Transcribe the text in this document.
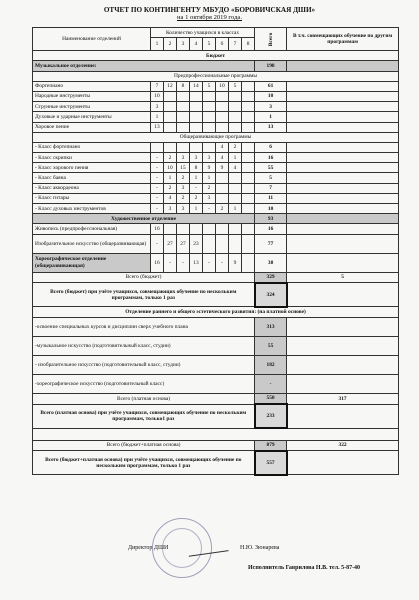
ОТЧЕТ ПО КОНТИНГЕНТУ МБУДО «БОРОВИЧСКАЯ ДШИ»
на 1 октября 2019 года.
Наименование отделений	Количество учащихся в классах								Всего	В т.ч. совмещающих обучение по другим программам
	1	2	3	4	5	6	7	8		
Бюджет										
Музыкальное отделение:									198	
Предпрофессиональные программы										
Фортепиано	7	12	8	14	5	10	5		61	
Народные инструменты	10								10	
Струнные инструменты	3								3	
Духовые и ударные инструменты	1								1	
Хоровое пение	13								13	
Общеразвивающие программы										
- Класс фортепиано						4	2		6	
- Класс скрипки	-	2	3	3	3	4	1		16	
- Класс хорового пения	-	10	15	8	9	9	4		55	
- Класс баяна	-	1	2	1	1				5	
- Класс аккордеона	-	2	3	-	2				7	
- Класс гитары	-	4	2	2	3				11	
- Класс духовых инструментов	-	3	3	1	-	2	1		10	
Художественное отделение									93	
Живопись (предпрофессиональная)	16								16	
Изобразительное искусство (общеразвивающая)	-	27	27	23					77	
Хореографическое отделение (общеразвивающая)	16	-	-	13	-	-	9		38	
Всего (бюджет)									329	5
Всего (бюджет) при учёте учащихся, совмещающих обучение по нескольким программам, только 1 раз									324	
Отделение раннего и общего эстетического развития: (на платной основе)										
-освоение специальных курсов и дисциплин сверх учебного плана									313	
-музыкальное искусство (подготовительный класс, студии)									55	
- изобразительное искусство (подготовительный класс, студии)									182	
-хореографическое искусство (подготовительный класс)									-	
Всего (платная основа)									550	317
Всего (платная основа) при учёте учащихся, совмещающих обучение по нескольким программам, только1 раз									233	

Всего (бюджет+платная основа)									879	322
Всего (бюджет+платная основа) при учёте учащихся, совмещающих обучение по нескольким программам, только 1 раз									557	
Директор ДШИ	Н.Ю. Зюнарева
Исполнитель Гаврилова Н.В. тел. 5-87-40
